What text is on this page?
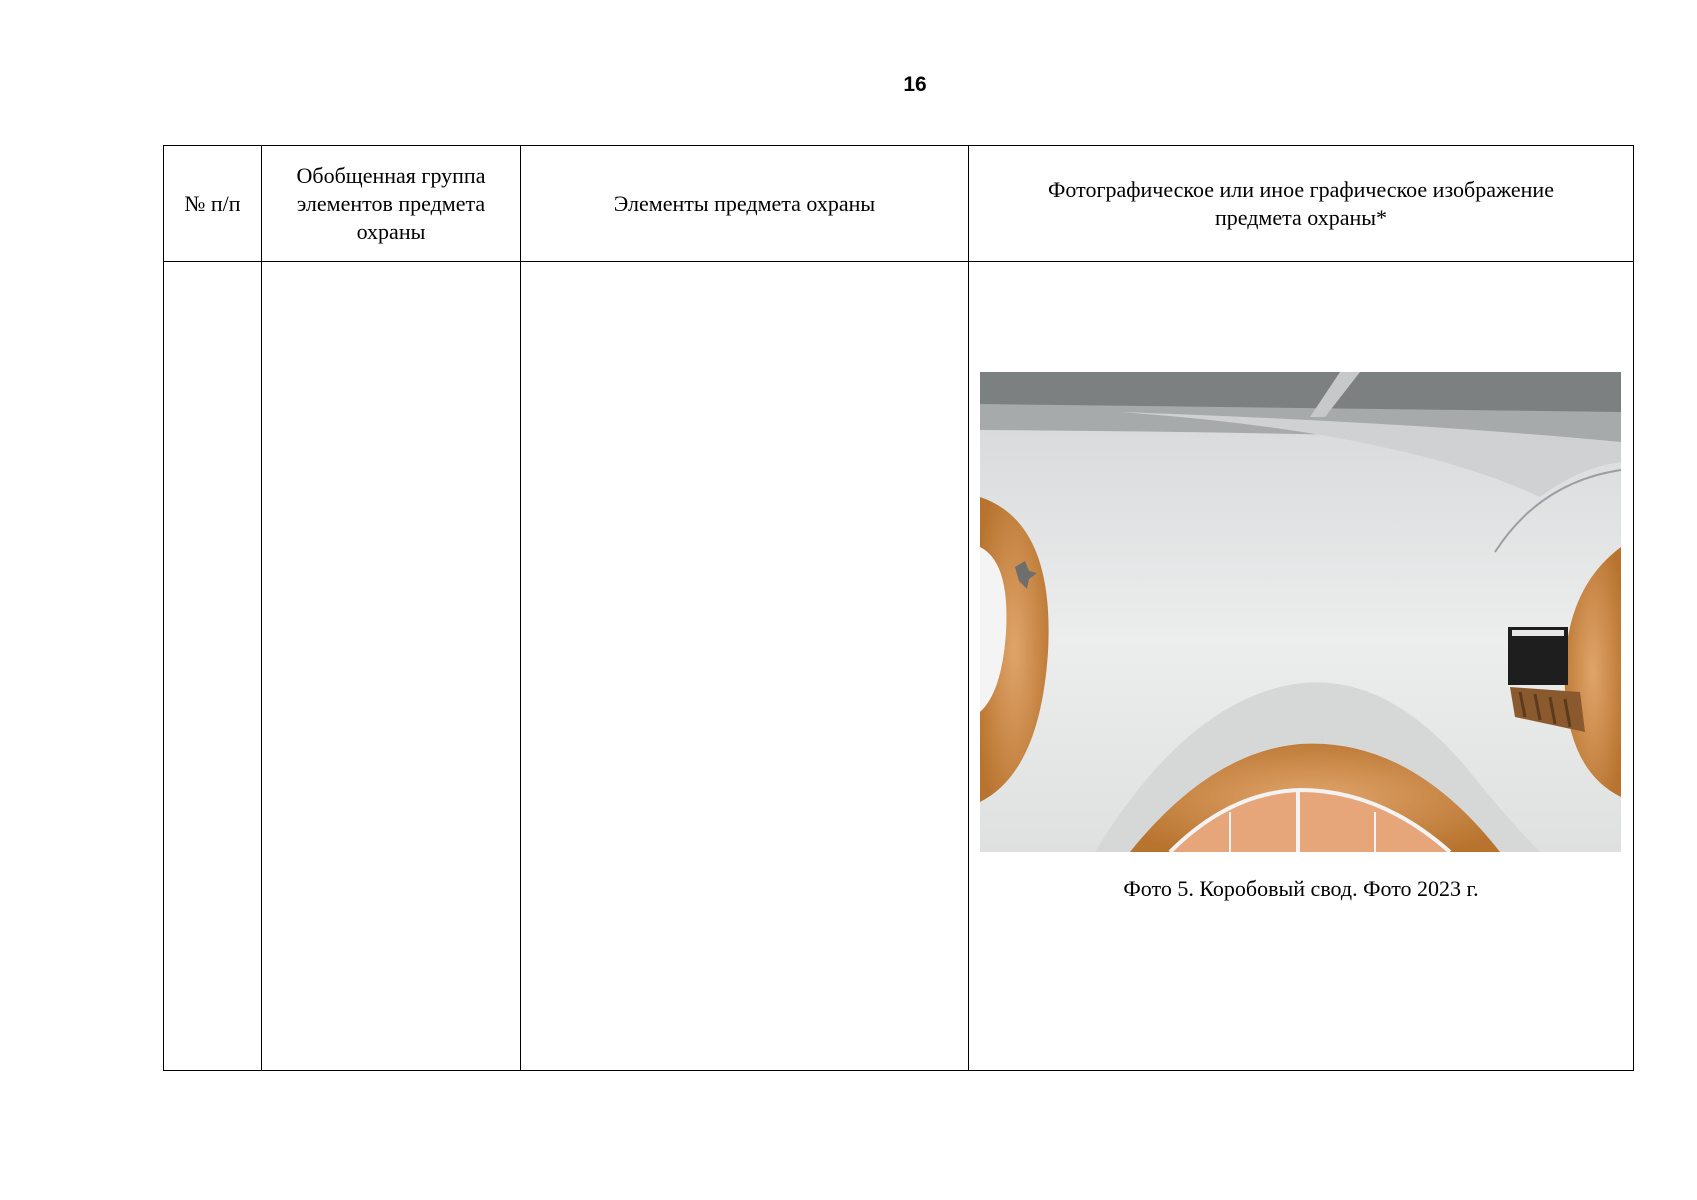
16
№ п/п	Обобщенная группа элементов предмета охраны	Элементы предмета охраны	Фотографическое или иное графическое изображение предмета охраны*

			Фото 5. Коробовый свод. Фото 2023 г.
